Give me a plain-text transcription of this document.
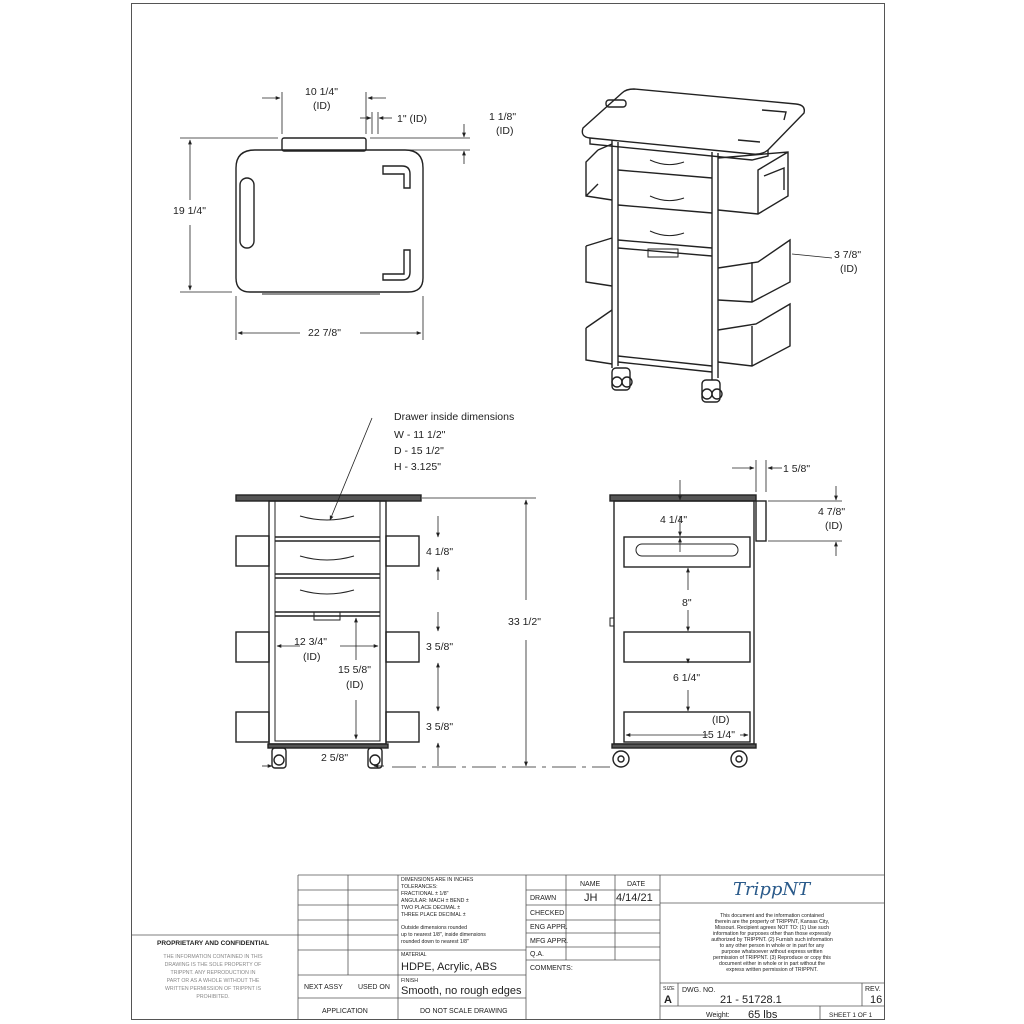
10 1/4"
(ID)
1" (ID)	1 1/8"
(ID)
19 1/4"
22 7/8"
3 7/8"
(ID)
Drawer inside dimensions
W - 11 1/2"
D - 15 1/2"
H - 3.125"
4 1/8"
3 5/8"
3 5/8"
12 3/4"
(ID)
15 5/8"
(ID)
33 1/2"
2 5/8"
1 5/8"
4 7/8"
(ID)
4 1/4"
8"
6 1/4"
(ID)
15 1/4"
DIMENSIONS ARE IN INCHES
TOLERANCES:
FRACTIONAL ± 1/8"
ANGULAR: MACH ± BEND ±
TWO PLACE DECIMAL ±
THREE PLACE DECIMAL ±
Outside dimensions rounded
up to nearest 1/8", inside dimensions
rounded down to nearest 1/8"
MATERIAL
HDPE, Acrylic, ABS
FINISH
Smooth, no rough edges
NEXT ASSY USED ON
APPLICATION	DO NOT SCALE DRAWING
NAME	DATE
DRAWN	JH 4/14/21
CHECKED
ENG APPR.
MFG APPR.
Q.A.
COMMENTS:
TrippNT
This document and the information contained
therein are the property of TRIPPNT, Kansas City,
Missouri. Recipient agrees NOT TO: (1) Use such
information for purposes other than those expressly
authorized by TRIPPNT. (2) Furnish such information
to any other person in whole or in part for any
purpose whatsoever without express written
permission of TRIPPNT. (3) Reproduce or copy this
document either in whole or in part without the
express written permission of TRIPPNT.
SIZE
A
DWG. NO.
21 - 51728.1
REV.
16
Weight: 65 lbs	SHEET 1 OF 1
PROPRIETARY AND CONFIDENTIAL
THE INFORMATION CONTAINED IN THIS
DRAWING IS THE SOLE PROPERTY OF
TRIPPNT. ANY REPRODUCTION IN
PART OR AS A WHOLE WITHOUT THE
WRITTEN PERMISSION OF TRIPPNT IS
PROHIBITED.
